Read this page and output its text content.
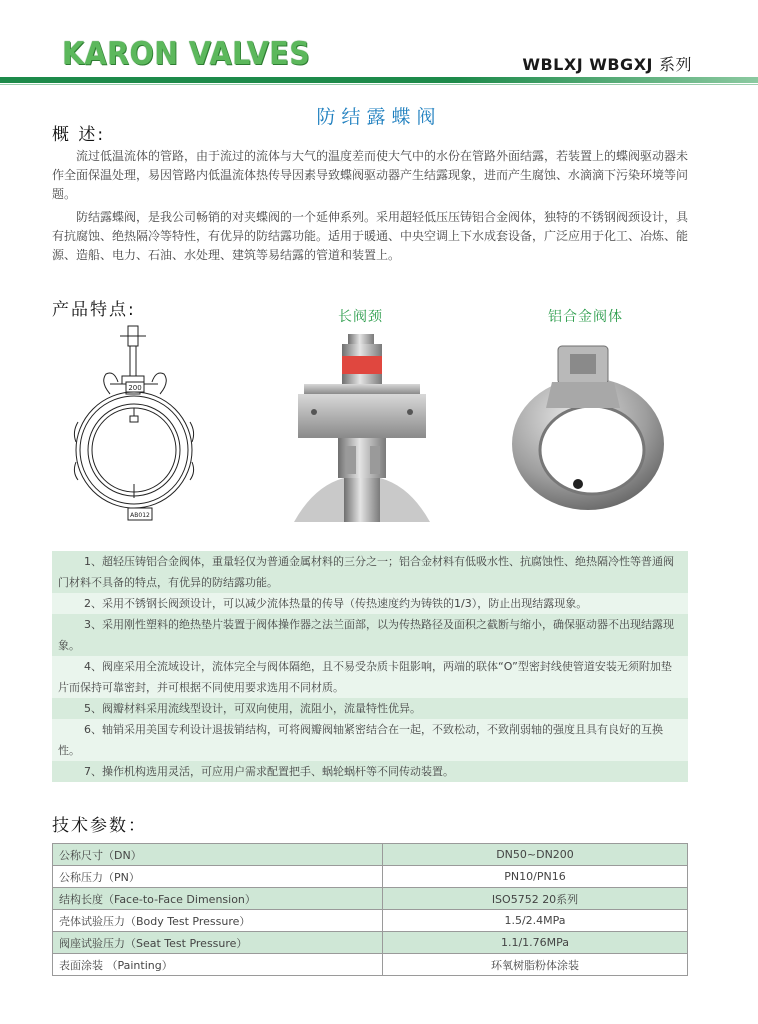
KARON VALVES	WBLXJ WBGXJ 系列
防结露蝶阀
概 述:
流过低温流体的管路，由于流过的流体与大气的温度差而使大气中的水份在管路外面结露，若装置上的蝶阀驱动器未作全面保温处理，易因管路内低温流体热传导因素导致蝶阀驱动器产生结露现象，进而产生腐蚀、水滴滴下污染环境等问题。
防结露蝶阀，是我公司畅销的对夹蝶阀的一个延伸系列。采用超轻低压压铸铝合金阀体，独特的不锈钢阀颈设计，具有抗腐蚀、绝热隔冷等特性，有优异的防结露功能。适用于暖通、中央空调上下水成套设备，广泛应用于化工、冶炼、能源、造船、电力、石油、水处理、建筑等易结露的管道和装置上。
产品特点:	长阀颈	铝合金阀体
200
AB012
1、超轻压铸铝合金阀体，重量轻仅为普通金属材料的三分之一；铝合金材料有低吸水性、抗腐蚀性、绝热隔冷性等普通阀门材料不具备的特点，有优异的防结露功能。
2、采用不锈钢长阀颈设计，可以减少流体热量的传导（传热速度约为铸铁的1/3），防止出现结露现象。
3、采用刚性塑料的绝热垫片装置于阀体操作器之法兰面部，以为传热路径及面积之截断与缩小，确保驱动器不出现结露现象。
4、阀座采用全流域设计，流体完全与阀体隔绝，且不易受杂质卡阻影响，两端的联体“O”型密封线使管道安装无须附加垫片而保持可靠密封，并可根据不同使用要求选用不同材质。
5、阀瓣材料采用流线型设计，可双向使用，流阻小，流量特性优异。
6、轴销采用美国专利设计退拔销结构，可将阀瓣阀轴紧密结合在一起，不致松动，不致削弱轴的强度且具有良好的互换性。
7、操作机构选用灵活，可应用户需求配置把手、蜗轮蜗杆等不同传动装置。
技术参数：
公称尺寸（DN）	DN50~DN200
公称压力（PN）	PN10/PN16
结构长度（Face-to-Face Dimension）	ISO5752 20系列
壳体试验压力（Body Test Pressure）	1.5/2.4MPa
阀座试验压力（Seat Test Pressure）	1.1/1.76MPa
表面涂装 （Painting）	环氧树脂粉体涂装
